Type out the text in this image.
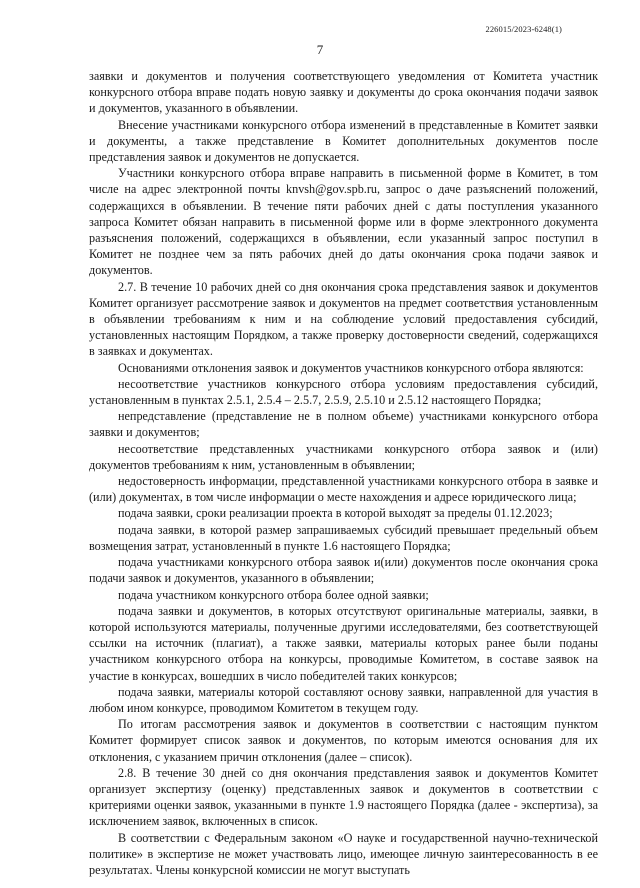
226015/2023-6248(1)
7

заявки и документов и получения соответствующего уведомления от Комитета участник конкурсного отбора вправе подать новую заявку и документы до срока окончания подачи заявок и документов, указанного в объявлении.

Внесение участниками конкурсного отбора изменений в представленные в Комитет заявки и документы, а также представление в Комитет дополнительных документов после представления заявок и документов не допускается.

Участники конкурсного отбора вправе направить в письменной форме в Комитет, в том числе на адрес электронной почты knvsh@gov.spb.ru, запрос о даче разъяснений положений, содержащихся в объявлении. В течение пяти рабочих дней с даты поступления указанного запроса Комитет обязан направить в письменной форме или в форме электронного документа разъяснения положений, содержащихся в объявлении, если указанный запрос поступил в Комитет не позднее чем за пять рабочих дней до даты окончания срока подачи заявок и документов.

2.7. В течение 10 рабочих дней со дня окончания срока представления заявок и документов Комитет организует рассмотрение заявок и документов на предмет соответствия установленным в объявлении требованиям к ним и на соблюдение условий предоставления субсидий, установленных настоящим Порядком, а также проверку достоверности сведений, содержащихся в заявках и документах.

Основаниями отклонения заявок и документов участников конкурсного отбора являются:

несоответствие участников конкурсного отбора условиям предоставления субсидий, установленным в пунктах 2.5.1, 2.5.4 – 2.5.7, 2.5.9, 2.5.10 и 2.5.12 настоящего Порядка;

непредставление (представление не в полном объеме) участниками конкурсного отбора заявки и документов;

несоответствие представленных участниками конкурсного отбора заявок и (или) документов требованиям к ним, установленным в объявлении;

недостоверность информации, представленной участниками конкурсного отбора в заявке и (или) документах, в том числе информации о месте нахождения и адресе юридического лица;

подача заявки, сроки реализации проекта в которой выходят за пределы 01.12.2023;

подача заявки, в которой размер запрашиваемых субсидий превышает предельный объем возмещения затрат, установленный в пункте 1.6 настоящего Порядка;

подача участниками конкурсного отбора заявок и(или) документов после окончания срока подачи заявок и документов, указанного в объявлении;

подача участником конкурсного отбора более одной заявки;

подача заявки и документов, в которых отсутствуют оригинальные материалы, заявки, в которой используются материалы, полученные другими исследователями, без соответствующей ссылки на источник (плагиат), а также заявки, материалы которых ранее были поданы участником конкурсного отбора на конкурсы, проводимые Комитетом, в составе заявок на участие в конкурсах, вошедших в число победителей таких конкурсов;

подача заявки, материалы которой составляют основу заявки, направленной для участия в любом ином конкурсе, проводимом Комитетом в текущем году.

По итогам рассмотрения заявок и документов в соответствии с настоящим пунктом Комитет формирует список заявок и документов, по которым имеются основания для их отклонения, с указанием причин отклонения (далее – список).

2.8. В течение 30 дней со дня окончания представления заявок и документов Комитет организует экспертизу (оценку) представленных заявок и документов в соответствии с критериями оценки заявок, указанными в пункте 1.9 настоящего Порядка (далее - экспертиза), за исключением заявок, включенных в список.

В соответствии с Федеральным законом «О науке и государственной научно-технической политике» в экспертизе не может участвовать лицо, имеющее личную заинтересованность в ее результатах. Члены конкурсной комиссии не могут выступать
